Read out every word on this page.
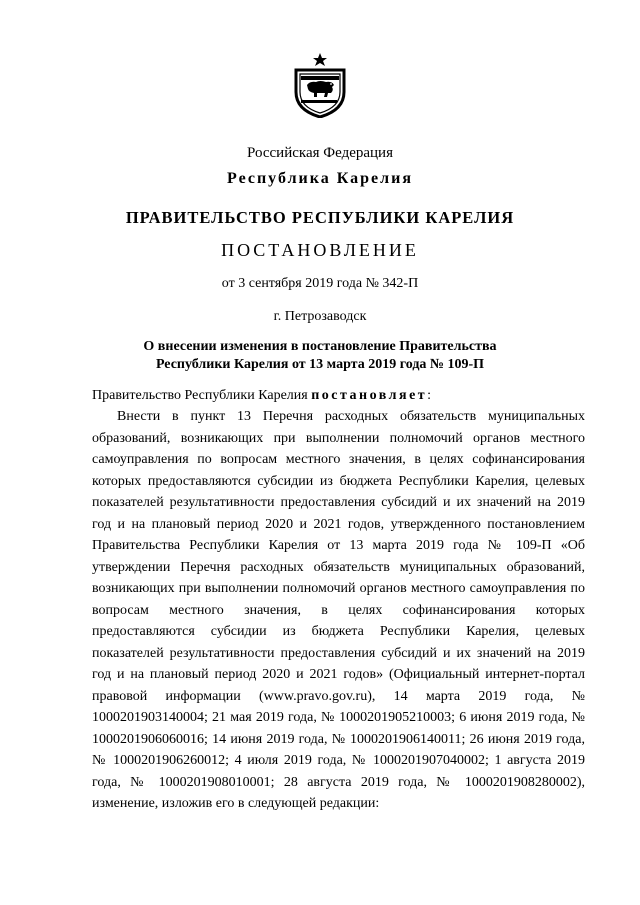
Российская Федерация
Республика Карелия
ПРАВИТЕЛЬСТВО РЕСПУБЛИКИ КАРЕЛИЯ
ПОСТАНОВЛЕНИЕ
от 3 сентября 2019 года № 342-П
г. Петрозаводск
О внесении изменения в постановление Правительства
Республики Карелия от 13 марта 2019 года № 109-П
Правительство Республики Карелия постановляет:
Внести в пункт 13 Перечня расходных обязательств муниципальных образований, возникающих при выполнении полномочий органов местного самоуправления по вопросам местного значения, в целях софинансирования которых предоставляются субсидии из бюджета Республики Карелия, целевых показателей результативности предоставления субсидий и их значений на 2019 год и на плановый период 2020 и 2021 годов, утвержденного постановлением Правительства Республики Карелия от 13 марта 2019 года № 109-П «Об утверждении Перечня расходных обязательств муниципальных образований, возникающих при выполнении полномочий органов местного самоуправления по вопросам местного значения, в целях софинансирования которых предоставляются субсидии из бюджета Республики Карелия, целевых показателей результативности предоставления субсидий и их значений на 2019 год и на плановый период 2020 и 2021 годов» (Официальный интернет-портал правовой информации (www.pravo.gov.ru), 14 марта 2019 года, № 1000201903140004; 21 мая 2019 года, № 1000201905210003; 6 июня 2019 года, № 1000201906060016; 14 июня 2019 года, № 1000201906140011; 26 июня 2019 года, № 1000201906260012; 4 июля 2019 года, № 1000201907040002; 1 августа 2019 года, № 1000201908010001; 28 августа 2019 года, № 1000201908280002), изменение, изложив его в следующей редакции:
